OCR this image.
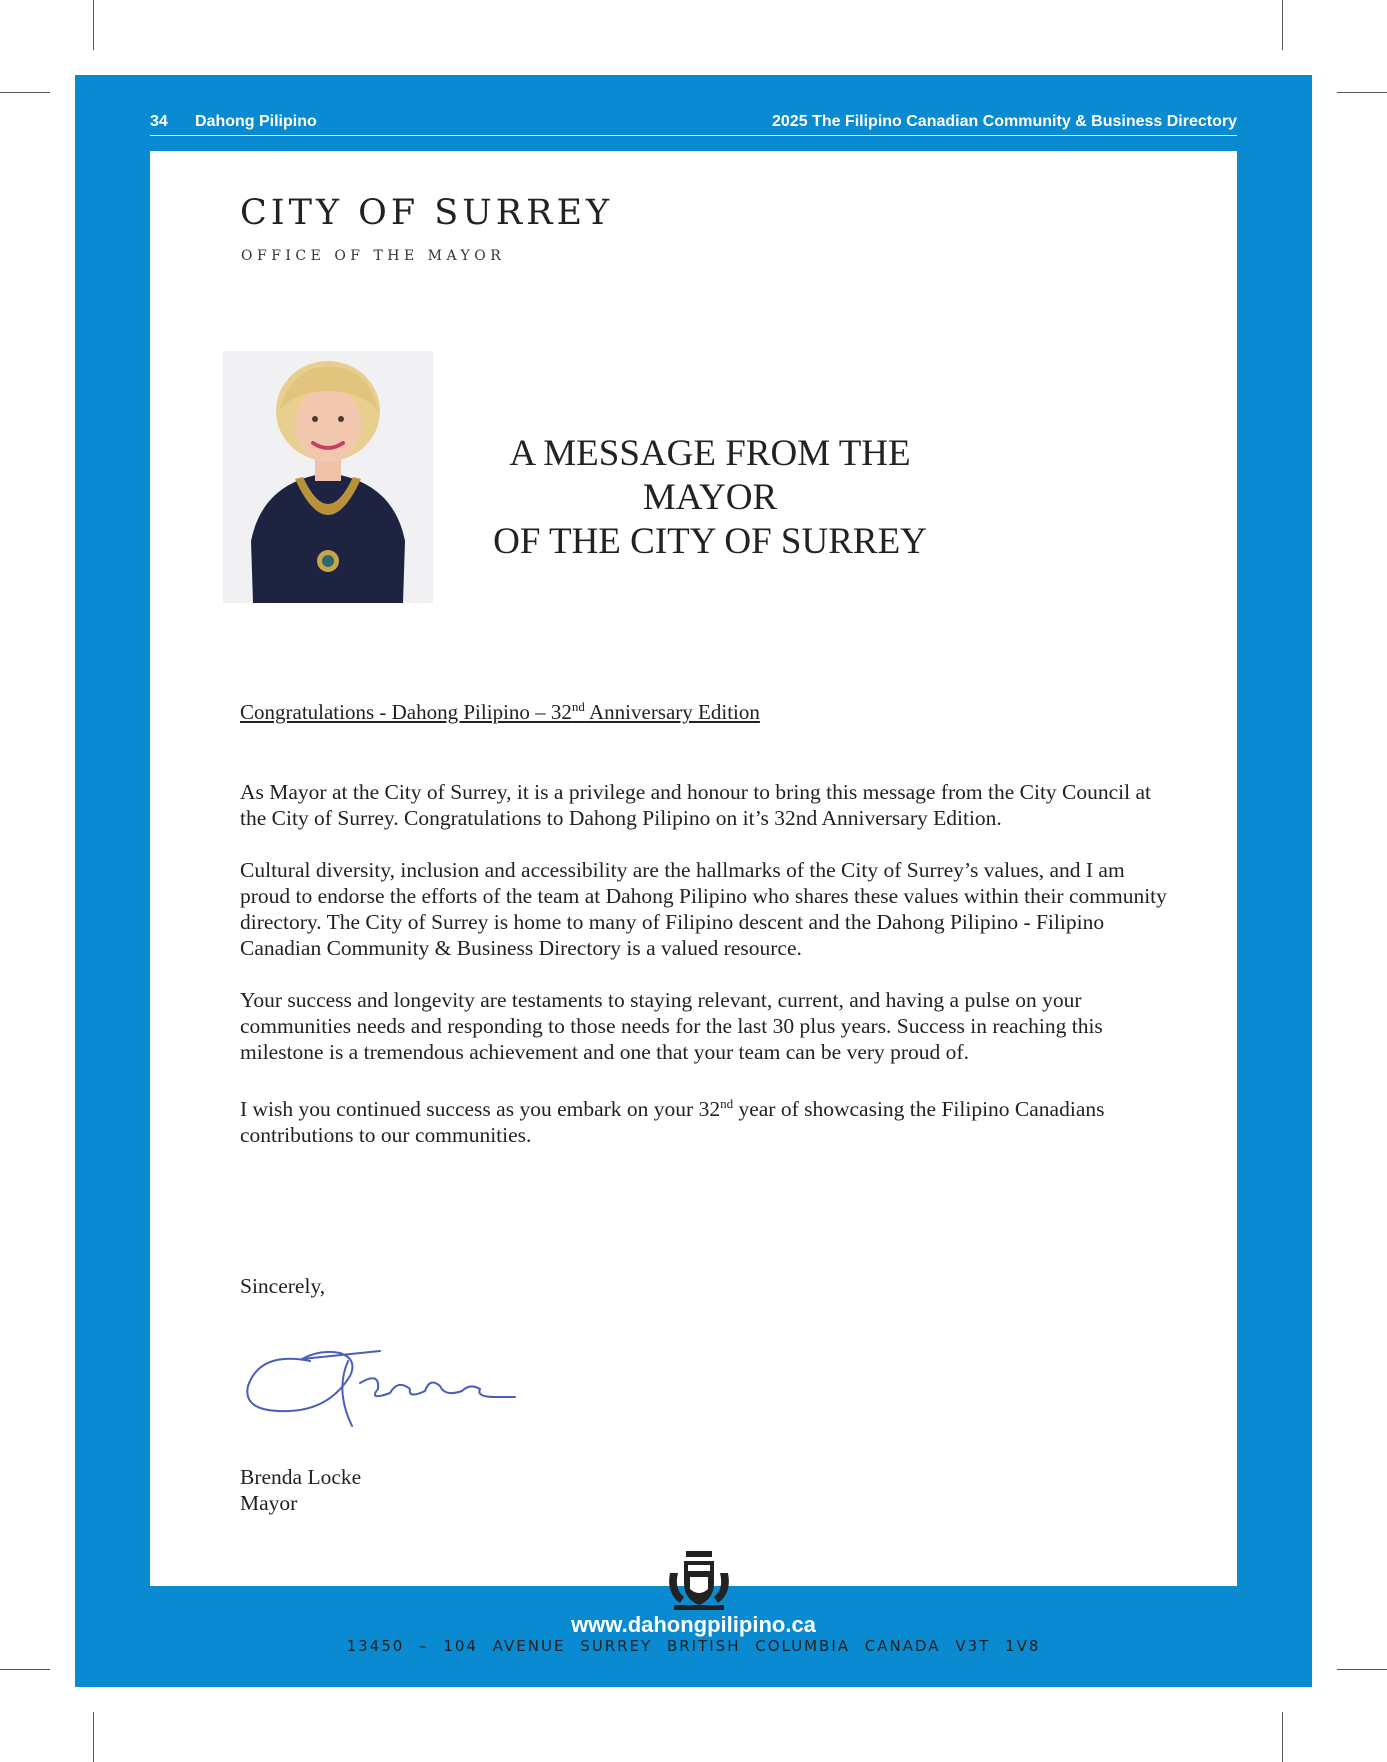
34 Dahong Pilipino	2025 The Filipino Canadian Community & Business Directory
CITY OF SURREY
OFFICE OF THE MAYOR
A MESSAGE FROM THE MAYOR
OF THE CITY OF SURREY
Congratulations - Dahong Pilipino – 32nd Anniversary Edition

As Mayor at the City of Surrey, it is a privilege and honour to bring this message from the City Council at the City of Surrey. Congratulations to Dahong Pilipino on it’s 32nd Anniversary Edition.

Cultural diversity, inclusion and accessibility are the hallmarks of the City of Surrey’s values, and I am proud to endorse the efforts of the team at Dahong Pilipino who shares these values within their community directory. The City of Surrey is home to many of Filipino descent and the Dahong Pilipino - Filipino Canadian Community & Business Directory is a valued resource.

Your success and longevity are testaments to staying relevant, current, and having a pulse on your communities needs and responding to those needs for the last 30 plus years. Success in reaching this milestone is a tremendous achievement and one that your team can be very proud of.

I wish you continued success as you embark on your 32nd year of showcasing the Filipino Canadians contributions to our communities.

Sincerely,
Brenda Locke
Mayor
13450 – 104 AVENUE SURREY BRITISH COLUMBIA CANADA V3T 1V8
www.dahongpilipino.ca
